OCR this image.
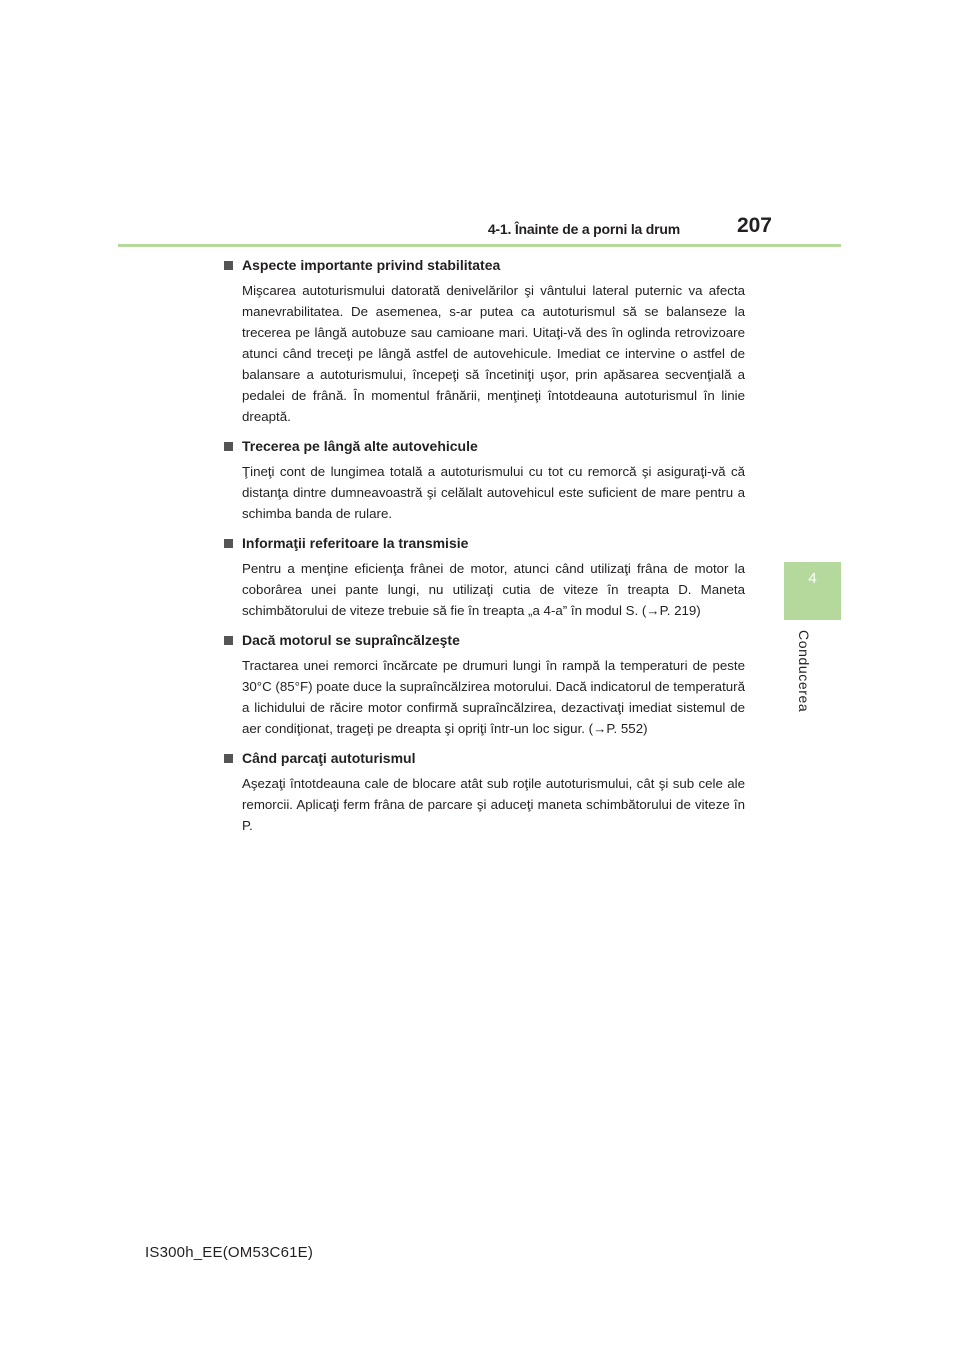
4-1. Înainte de a porni la drum	207
4
Conducerea
Aspecte importante privind stabilitatea
Mişcarea autoturismului datorată denivelărilor şi vântului lateral puternic va afecta manevrabilitatea. De asemenea, s-ar putea ca autoturismul să se balanseze la trecerea pe lângă autobuze sau camioane mari. Uitaţi-vă des în oglinda retrovizoare atunci când treceţi pe lângă astfel de autovehicule. Imediat ce intervine o astfel de balansare a autoturismului, începeţi să încetiniţi uşor, prin apăsarea secvenţială a pedalei de frână. În momentul frânării, menţineţi întotdeauna autoturismul în linie dreaptă.
Trecerea pe lângă alte autovehicule
Ţineţi cont de lungimea totală a autoturismului cu tot cu remorcă şi asiguraţi-vă că distanţa dintre dumneavoastră şi celălalt autovehicul este suficient de mare pentru a schimba banda de rulare.
Informaţii referitoare la transmisie
Pentru a menţine eficienţa frânei de motor, atunci când utilizaţi frâna de motor la coborârea unei pante lungi, nu utilizaţi cutia de viteze în treapta D. Maneta schimbătorului de viteze trebuie să fie în treapta „a 4-a” în modul S. (→P. 219)
Dacă motorul se supraîncălzeşte
Tractarea unei remorci încărcate pe drumuri lungi în rampă la temperaturi de peste 30°C (85°F) poate duce la supraîncălzirea motorului. Dacă indicatorul de temperatură a lichidului de răcire motor confirmă supraîncălzirea, dezactivaţi imediat sistemul de aer condiţionat, trageţi pe dreapta şi opriţi într-un loc sigur. (→P. 552)
Când parcaţi autoturismul
Aşezaţi întotdeauna cale de blocare atât sub roţile autoturismului, cât şi sub cele ale remorcii. Aplicaţi ferm frâna de parcare şi aduceţi maneta schimbătorului de viteze în P.
IS300h_EE(OM53C61E)
